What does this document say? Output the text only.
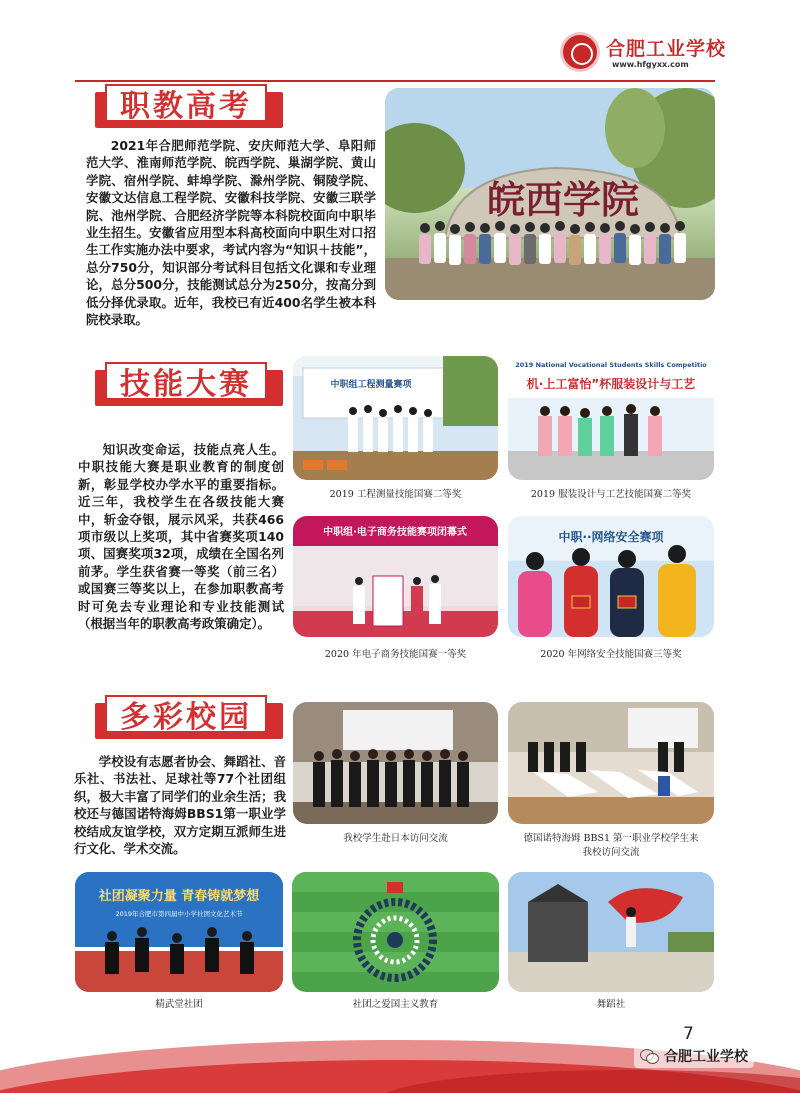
合肥工业学校
www.hfgyxx.com
职教高考
2021年合肥师范学院、安庆师范大学、阜阳师范大学、淮南师范学院、皖西学院、巢湖学院、黄山学院、宿州学院、蚌埠学院、滁州学院、铜陵学院、安徽文达信息工程学院、安徽科技学院、安徽三联学院、池州学院、合肥经济学院等本科院校面向中职毕业生招生。安徽省应用型本科高校面向中职生对口招生工作实施办法中要求，考试内容为“知识＋技能”，总分750分，知识部分考试科目包括文化课和专业理论，总分500分，技能测试总分为250分，按高分到低分择优录取。近年，我校已有近400名学生被本科院校录取。
皖西学院
技能大赛
知识改变命运，技能点亮人生。中职技能大赛是职业教育的制度创新，彰显学校办学水平的重要指标。近三年，我校学生在各级技能大赛中，斩金夺银，展示风采，共获466项市级以上奖项，其中省赛奖项140项、国赛奖项32项，成绩在全国名列前茅。学生获省赛一等奖（前三名）或国赛三等奖以上，在参加职教高考时可免去专业理论和专业技能测试（根据当年的职教高考政策确定）。
中职组工程测量赛项
2019 工程测量技能国赛二等奖
2019 National Vocational Students Skills Competitio
机·上工富怡”杯服装设计与工艺
2019 服装设计与工艺技能国赛二等奖
中职组·电子商务技能赛项闭幕式
2020 年电子商务技能国赛一等奖
中职··网络安全赛项
2020 年网络安全技能国赛三等奖
多彩校园
学校设有志愿者协会、舞蹈社、音乐社、书法社、足球社等77个社团组织，极大丰富了同学们的业余生活；我校还与德国诺特海姆BBS1第一职业学校结成友谊学校，双方定期互派师生进行文化、学术交流。
我校学生赴日本访问交流	德国诺特海姆 BBS1 第一职业学校学生来
我校访问交流
社团凝聚力量 青春铸就梦想
2019年合肥市第四届中小学社团文化艺术节
精武堂社团	社团之爱国主义教育	舞蹈社
7
合肥工业学校
